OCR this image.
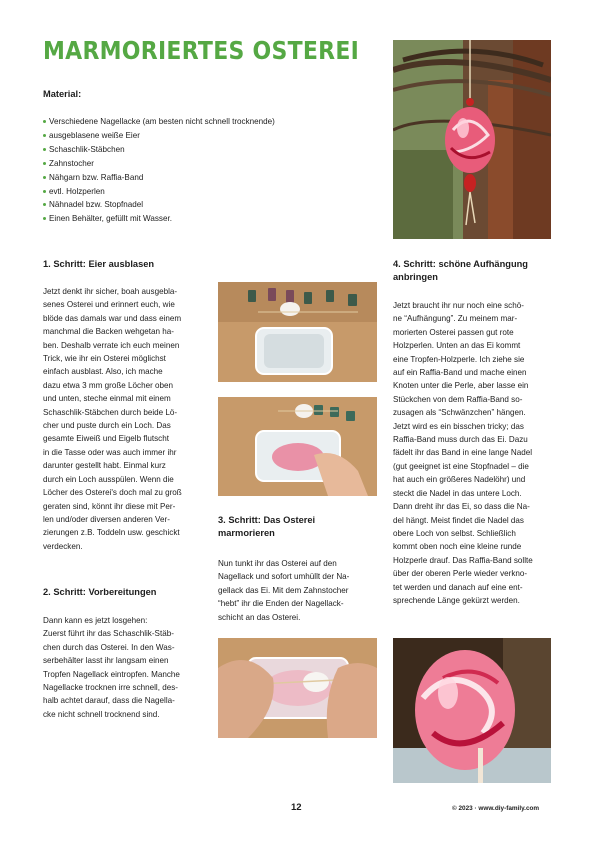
MARMORIERTES OSTEREI
Material:
Verschiedene Nagellacke (am besten nicht schnell trocknende)
ausgeblasene weiße Eier
Schaschlik-Stäbchen
Zahnstocher
Nähgarn bzw. Raffia-Band
evtl. Holzperlen
Nähnadel bzw. Stopfnadel
Einen Behälter, gefüllt mit Wasser.
1. Schritt: Eier ausblasen
Jetzt denkt ihr sicher, boah ausgebla-
senes Osterei und erinnert euch, wie
blöde das damals war und dass einem
manchmal die Backen wehgetan ha-
ben. Deshalb verrate ich euch meinen
Trick, wie ihr ein Osterei möglichst
einfach ausblast. Also, ich mache
dazu etwa 3 mm große Löcher oben
und unten, steche einmal mit einem
Schaschlik-Stäbchen durch beide Lö-
cher und puste durch ein Loch. Das
gesamte Eiweiß und Eigelb flutscht
in die Tasse oder was auch immer ihr
darunter gestellt habt. Einmal kurz
durch ein Loch ausspülen. Wenn die
Löcher des Osterei's doch mal zu groß
geraten sind, könnt ihr diese mit Per-
len und/oder diversen anderen Ver-
zierungen z.B. Toddeln usw. geschickt
verdecken.
2. Schritt: Vorbereitungen
Dann kann es jetzt losgehen:
Zuerst führt ihr das Schaschlik-Stäb-
chen durch das Osterei. In den Was-
serbehälter lasst ihr langsam einen
Tropfen Nagellack eintropfen. Manche
Nagellacke trocknen irre schnell, des-
halb achtet darauf, dass die Nagella-
cke nicht schnell trocknend sind.
3. Schritt: Das Osterei
marmorieren
Nun tunkt ihr das Osterei auf den
Nagellack und sofort umhüllt der Na-
gellack das Ei. Mit dem Zahnstocher
“hebt” ihr die Enden der Nagellack-
schicht an das Osterei.
4. Schritt: schöne Aufhängung
anbringen
Jetzt braucht ihr nur noch eine schö-
ne “Aufhängung”. Zu meinem mar-
morierten Osterei passen gut rote
Holzperlen. Unten an das Ei kommt
eine Tropfen-Holzperle. Ich ziehe sie
auf ein Raffia-Band und mache einen
Knoten unter die Perle, aber lasse ein
Stückchen von dem Raffia-Band so-
zusagen als “Schwänzchen” hängen.
Jetzt wird es ein bisschen tricky; das
Raffia-Band muss durch das Ei. Dazu
fädelt ihr das Band in eine lange Nadel
(gut geeignet ist eine Stopfnadel – die
hat auch ein größeres Nadelöhr) und
steckt die Nadel in das untere Loch.
Dann dreht ihr das Ei, so dass die Na-
del hängt. Meist findet die Nadel das
obere Loch von selbst. Schließlich
kommt oben noch eine kleine runde
Holzperle drauf. Das Raffia-Band sollte
über der oberen Perle wieder verkno-
tet werden und danach auf eine ent-
sprechende Länge gekürzt werden.
12	© 2023 · www.diy-family.com
